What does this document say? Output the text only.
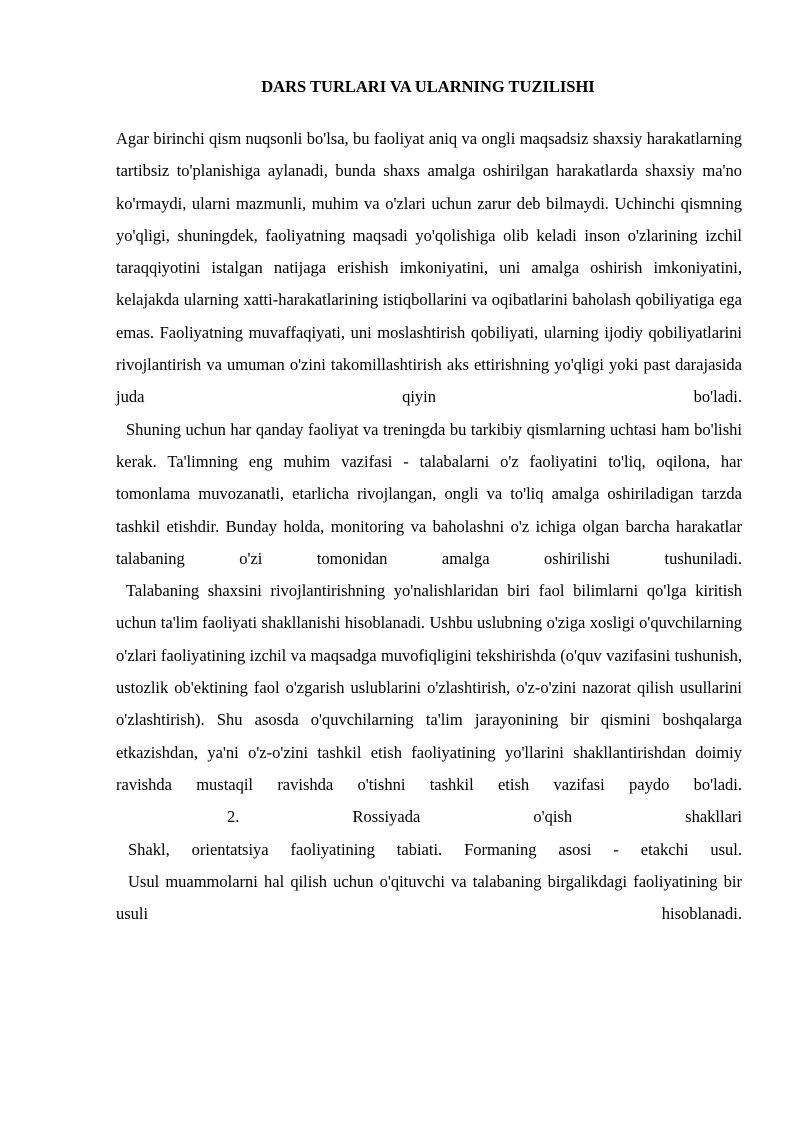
DARS TURLARI VA ULARNING TUZILISHI

Agar birinchi qism nuqsonli bo'lsa, bu faoliyat aniq va ongli maqsadsiz shaxsiy harakatlarning tartibsiz to'planishiga aylanadi, bunda shaxs amalga oshirilgan harakatlarda shaxsiy ma'no ko'rmaydi, ularni mazmunli, muhim va o'zlari uchun zarur deb bilmaydi. Uchinchi qismning yo'qligi, shuningdek, faoliyatning maqsadi yo'qolishiga olib keladi inson o'zlarining izchil taraqqiyotini istalgan natijaga erishish imkoniyatini, uni amalga oshirish imkoniyatini, kelajakda ularning xatti-harakatlarining istiqbollarini va oqibatlarini baholash qobiliyatiga ega emas. Faoliyatning muvaffaqiyati, uni moslashtirish qobiliyati, ularning ijodiy qobiliyatlarini rivojlantirish va umuman o'zini takomillashtirish aks ettirishning yo'qligi yoki past darajasida juda qiyin bo'ladi.

Shuning uchun har qanday faoliyat va treningda bu tarkibiy qismlarning uchtasi ham bo'lishi kerak. Ta'limning eng muhim vazifasi - talabalarni o'z faoliyatini to'liq, oqilona, har tomonlama muvozanatli, etarlicha rivojlangan, ongli va to'liq amalga oshiriladigan tarzda tashkil etishdir. Bunday holda, monitoring va baholashni o'z ichiga olgan barcha harakatlar talabaning o'zi tomonidan amalga oshirilishi tushuniladi.

Talabaning shaxsini rivojlantirishning yo'nalishlaridan biri faol bilimlarni qo'lga kiritish uchun ta'lim faoliyati shakllanishi hisoblanadi. Ushbu uslubning o'ziga xosligi o'quvchilarning o'zlari faoliyatining izchil va maqsadga muvofiqligini tekshirishda (o'quv vazifasini tushunish, ustozlik ob'ektining faol o'zgarish uslublarini o'zlashtirish, o'z-o'zini nazorat qilish usullarini o'zlashtirish). Shu asosda o'quvchilarning ta'lim jarayonining bir qismini boshqalarga etkazishdan, ya'ni o'z-o'zini tashkil etish faoliyatining yo'llarini shakllantirishdan doimiy ravishda mustaqil ravishda o'tishni tashkil etish vazifasi paydo bo'ladi.

2. Rossiyada o'qish shakllari

Shakl, orientatsiya faoliyatining tabiati. Formaning asosi - etakchi usul.

Usul muammolarni hal qilish uchun o'qituvchi va talabaning birgalikdagi faoliyatining bir usuli hisoblanadi.
